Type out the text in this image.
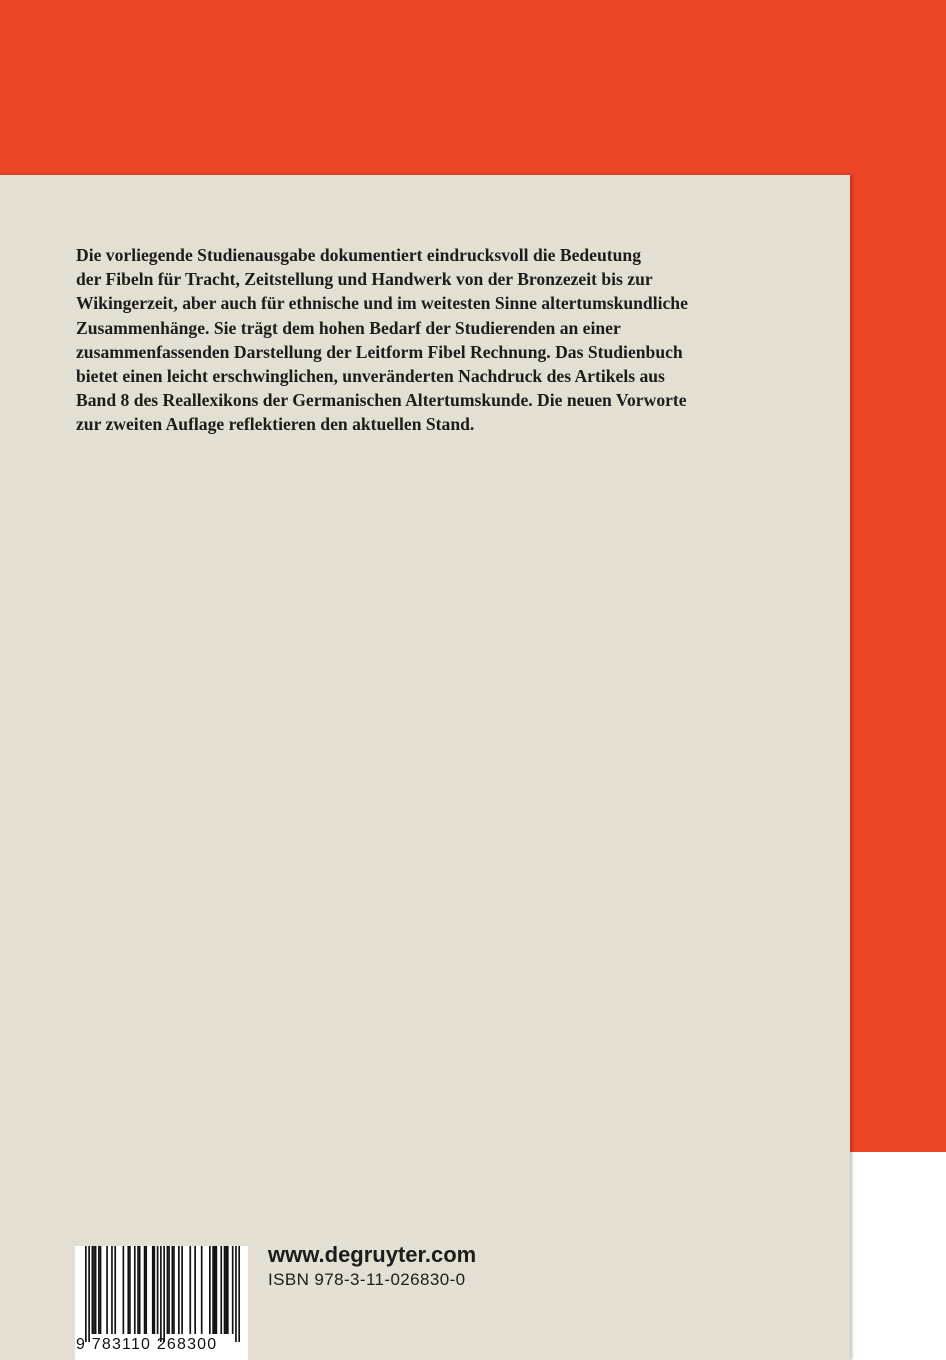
Die vorliegende Studienausgabe dokumentiert eindrucksvoll die Bedeutung
der Fibeln für Tracht, Zeitstellung und Handwerk von der Bronzezeit bis zur
Wikingerzeit, aber auch für ethnische und im weitesten Sinne altertumskundliche
Zusammenhänge. Sie trägt dem hohen Bedarf der Studierenden an einer
zusammenfassenden Darstellung der Leitform Fibel Rechnung. Das Studienbuch
bietet einen leicht erschwinglichen, unveränderten Nachdruck des Artikels aus
Band 8 des Reallexikons der Germanischen Altertumskunde. Die neuen Vorworte
zur zweiten Auflage reflektieren den aktuellen Stand.

9 783110 268300
www.degruyter.com
ISBN 978-3-11-026830-0
